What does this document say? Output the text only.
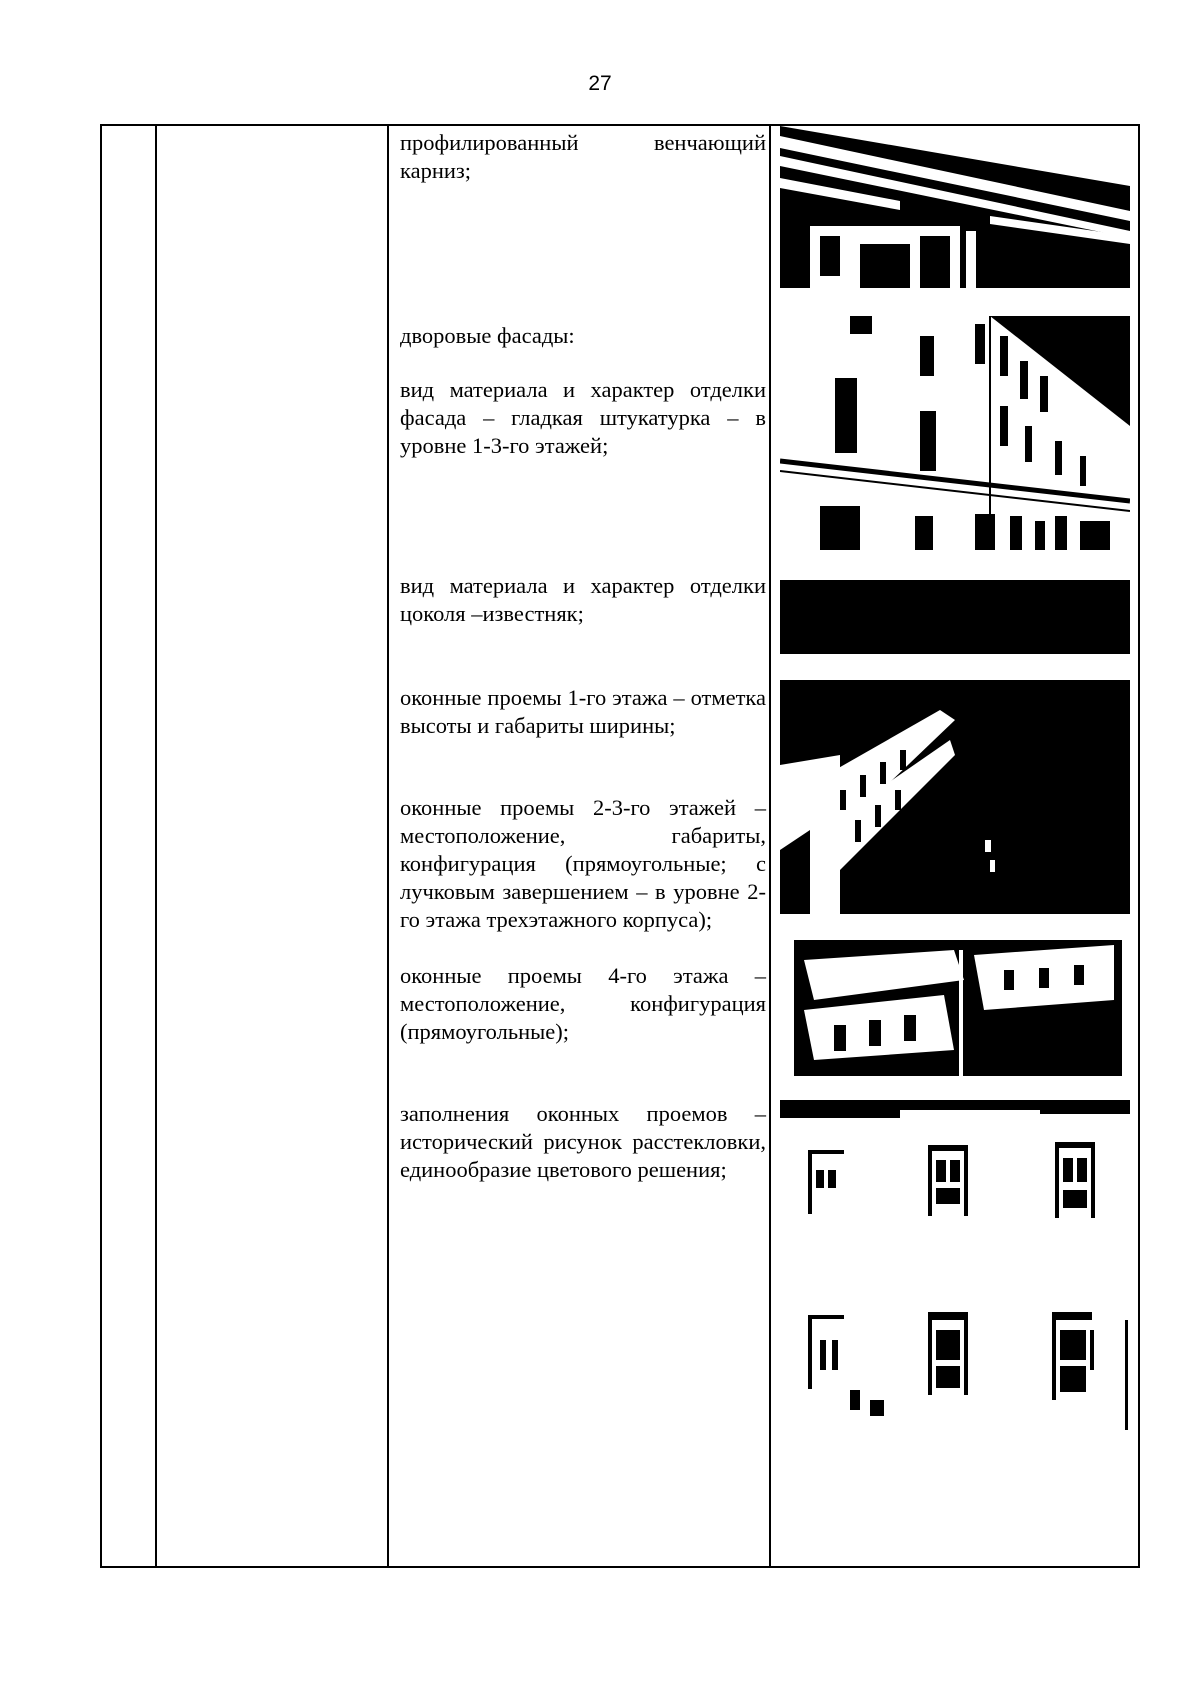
27

профилированный венчающий карниз;

дворовые фасады:

вид материала и характер отделки фасада – гладкая штукатурка – в уровне 1-3-го этажей;

вид материала и характер отделки цоколя –известняк;

оконные проемы 1-го этажа – отметка высоты и габариты ширины;

оконные проемы 2-3-го этажей – местоположение, габариты, конфигурация (прямоугольные; с лучковым завершением – в уровне 2-го этажа трехэтажного корпуса);

оконные проемы 4-го этажа – местоположение, конфигурация (прямоугольные);

заполнения оконных проемов – исторический рисунок расстекловки, единообразие цветового решения;
